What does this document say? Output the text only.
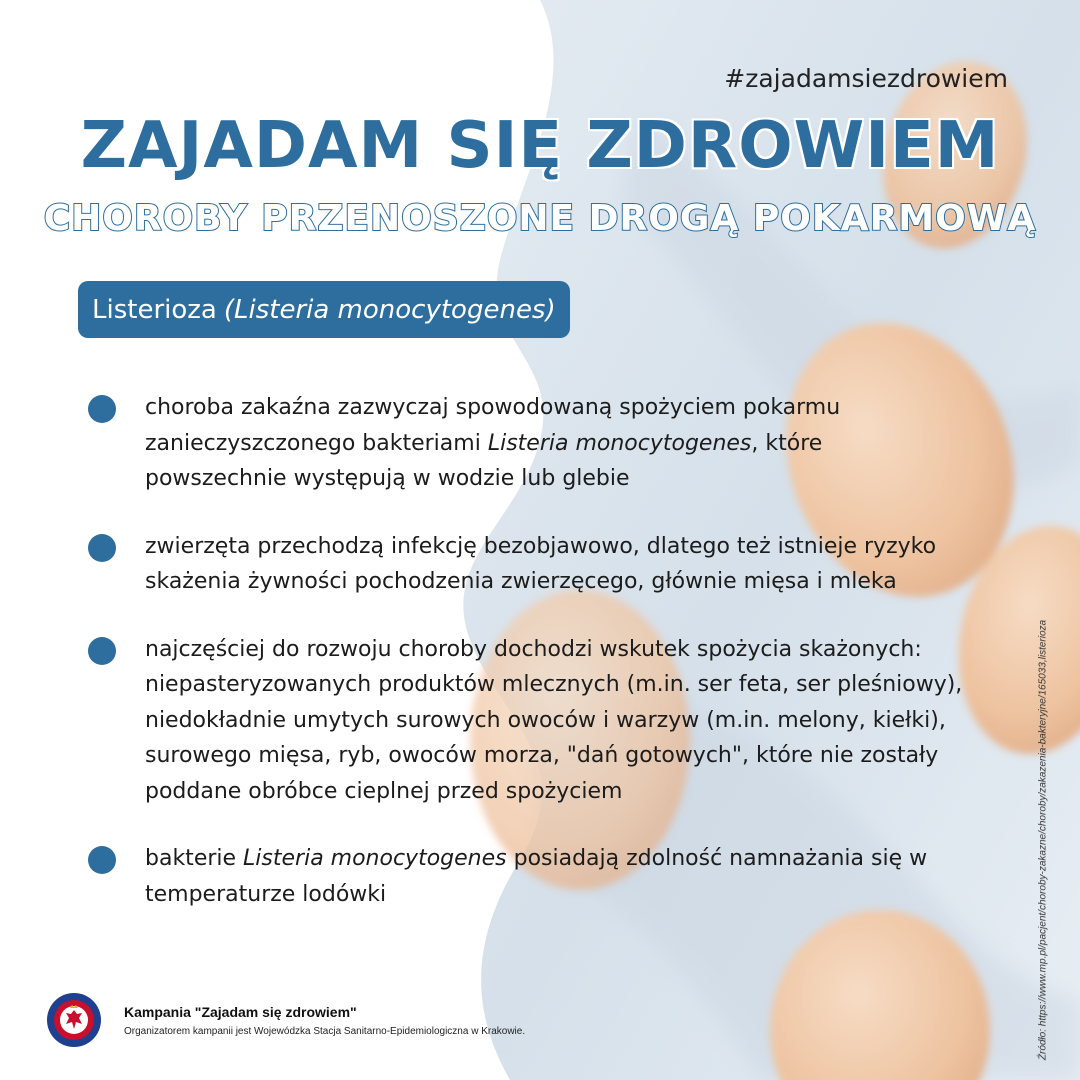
#zajadamsiezdrowiem
ZAJADAM SIĘ ZDROWIEM
CHOROBY PRZENOSZONE DROGĄ POKARMOWĄ
Listerioza (Listeria monocytogenes)
choroba zakaźna zazwyczaj spowodowaną spożyciem pokarmu zanieczyszczonego bakteriami Listeria monocytogenes, które powszechnie występują w wodzie lub glebie
zwierzęta przechodzą infekcję bezobjawowo, dlatego też istnieje ryzyko skażenia żywności pochodzenia zwierzęcego, głównie mięsa i mleka
najczęściej do rozwoju choroby dochodzi wskutek spożycia skażonych: niepasteryzowanych produktów mlecznych (m.in. ser feta, ser pleśniowy), niedokładnie umytych surowych owoców i warzyw (m.in. melony, kiełki), surowego mięsa, ryb, owoców morza, "dań gotowych", które nie zostały poddane obróbce cieplnej przed spożyciem
bakterie Listeria monocytogenes posiadają zdolność namnażania się w temperaturze lodówki
Kampania "Zajadam się zdrowiem"
Organizatorem kampanii jest Wojewódzka Stacja Sanitarno-Epidemiologiczna w Krakowie.	Źródło: https://www.mp.pl/pacjent/choroby-zakazne/choroby/zakazenia-bakteryjne/165033,listerioza
